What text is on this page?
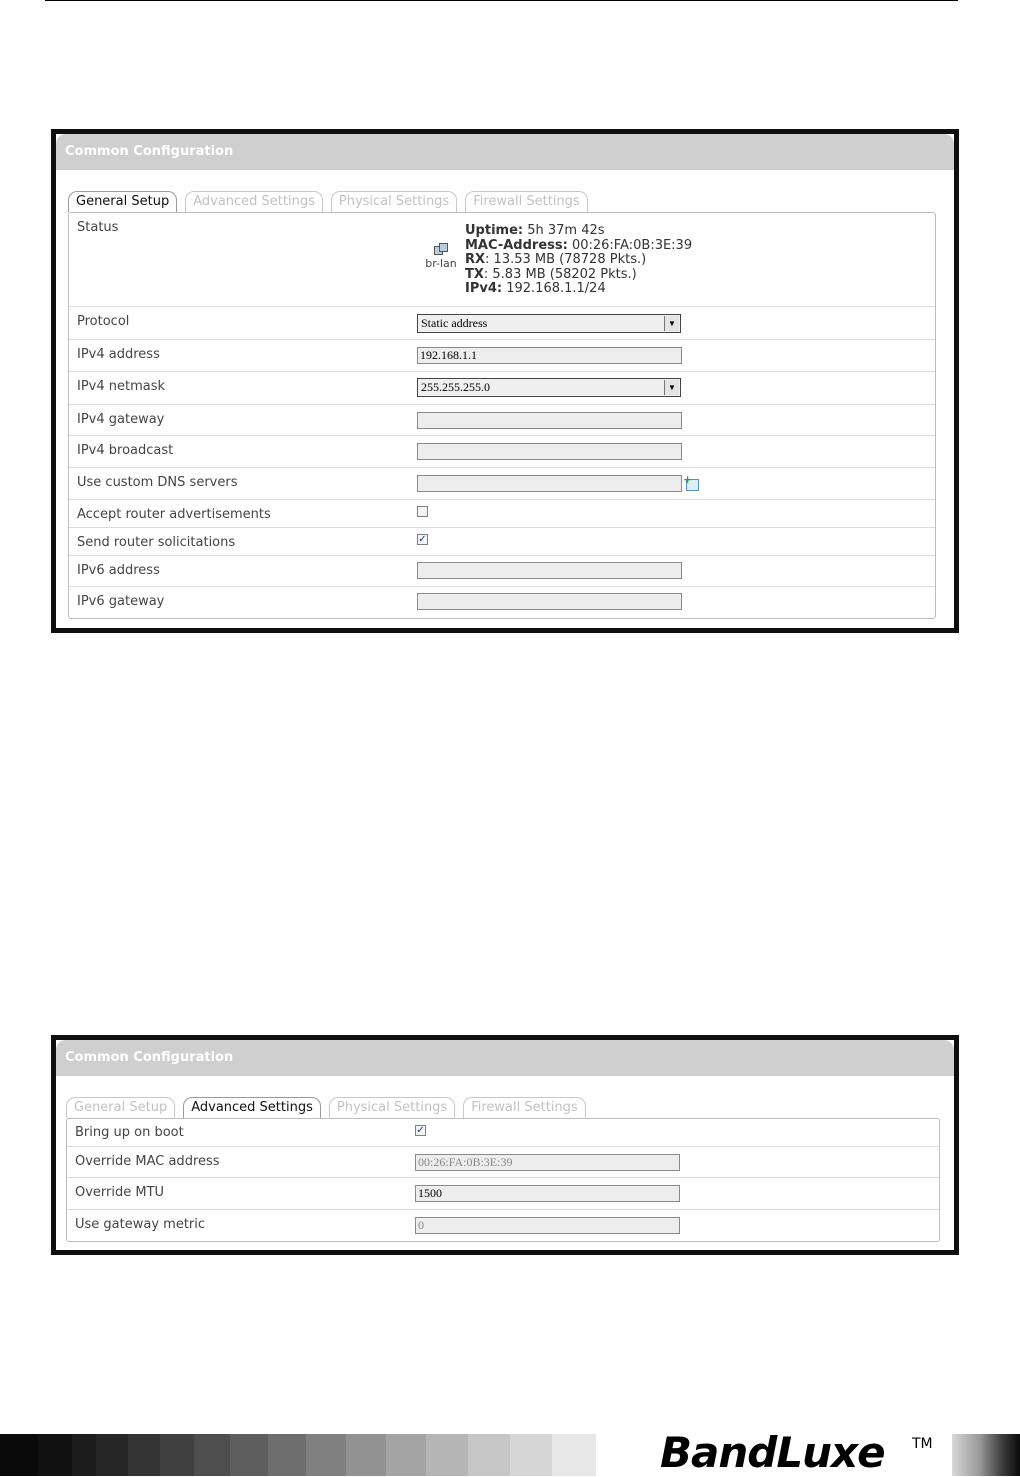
Common Configuration
General Setup	Advanced Settings	Physical Settings	Firewall Settings
Status
br-lan
Uptime: 5h 37m 42s
MAC-Address: 00:26:FA:0B:3E:39
RX: 13.53 MB (78728 Pkts.)
TX: 5.83 MB (58202 Pkts.)
IPv4: 192.168.1.1/24
Protocol	Static address	▼
IPv4 address	192.168.1.1
IPv4 netmask	255.255.255.0	▼
IPv4 gateway
IPv4 broadcast
Use custom DNS servers
+
Accept router advertisements
Send router solicitations	✓
IPv6 address
IPv6 gateway
Common Configuration
General Setup	Advanced Settings	Physical Settings	Firewall Settings
Bring up on boot	✓
Override MAC address	00:26:FA:0B:3E:39
Override MTU	1500
Use gateway metric	0
BandLuxe TM
